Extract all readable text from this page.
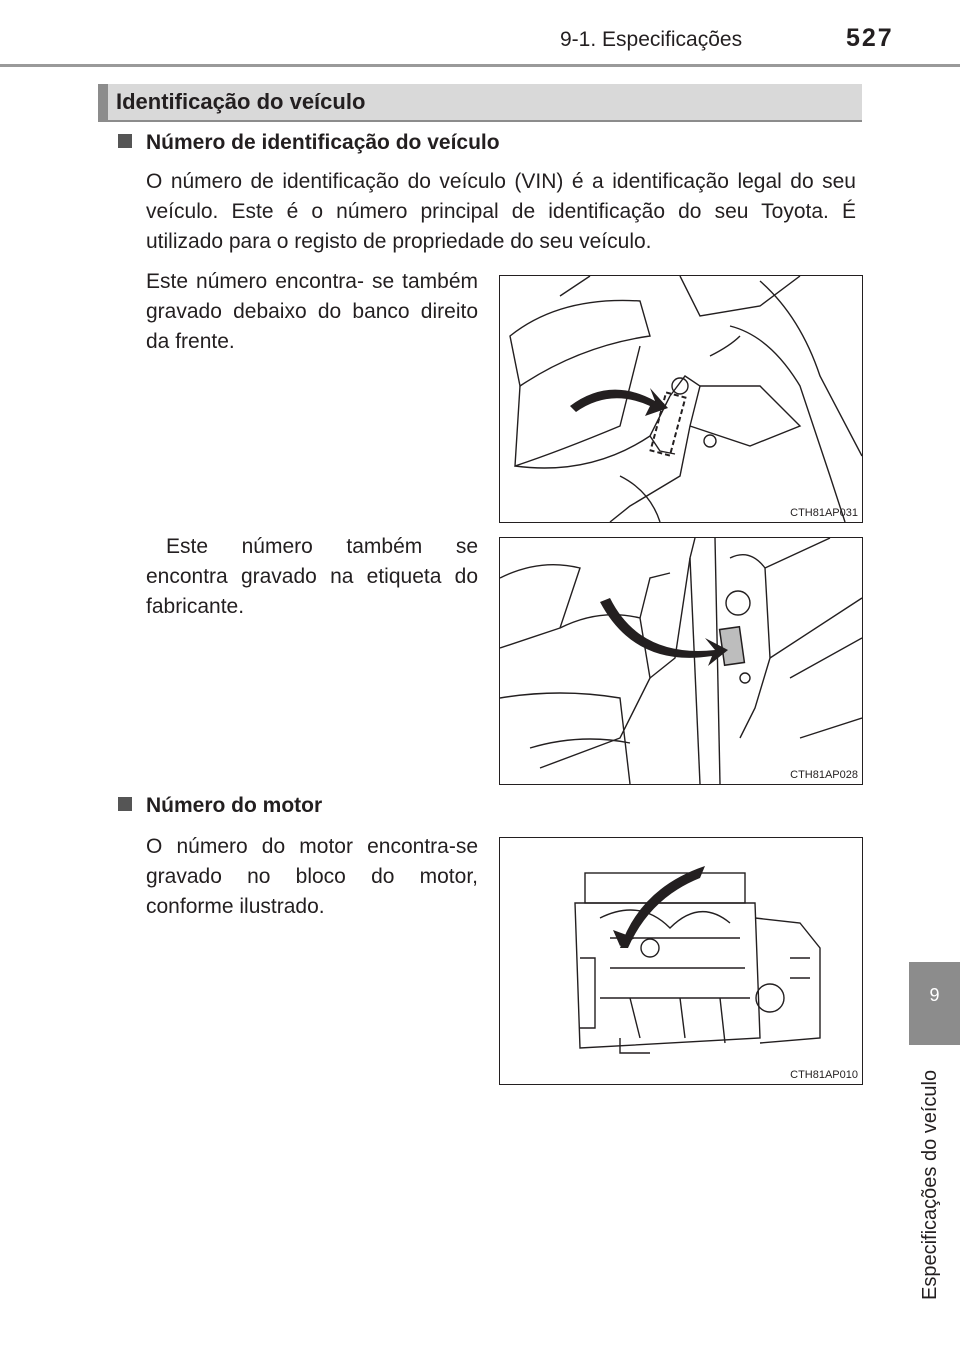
9-1. Especificações	527
9
Especificações do veículo
Identificação do veículo
Número de identificação do veículo
O número de identificação do veículo (VIN) é a identificação legal do seu veículo. Este é o número principal de identificação do seu Toyota. É utilizado para o registo de propriedade do seu veículo.
Este número encontra- se também gravado debaixo do banco direito da frente.
CTH81AP031
Este número também se encontra gravado na etiqueta do fabricante.
CTH81AP028
Número do motor
O número do motor encontra-se gravado no bloco do motor, conforme ilustrado.
CTH81AP010
